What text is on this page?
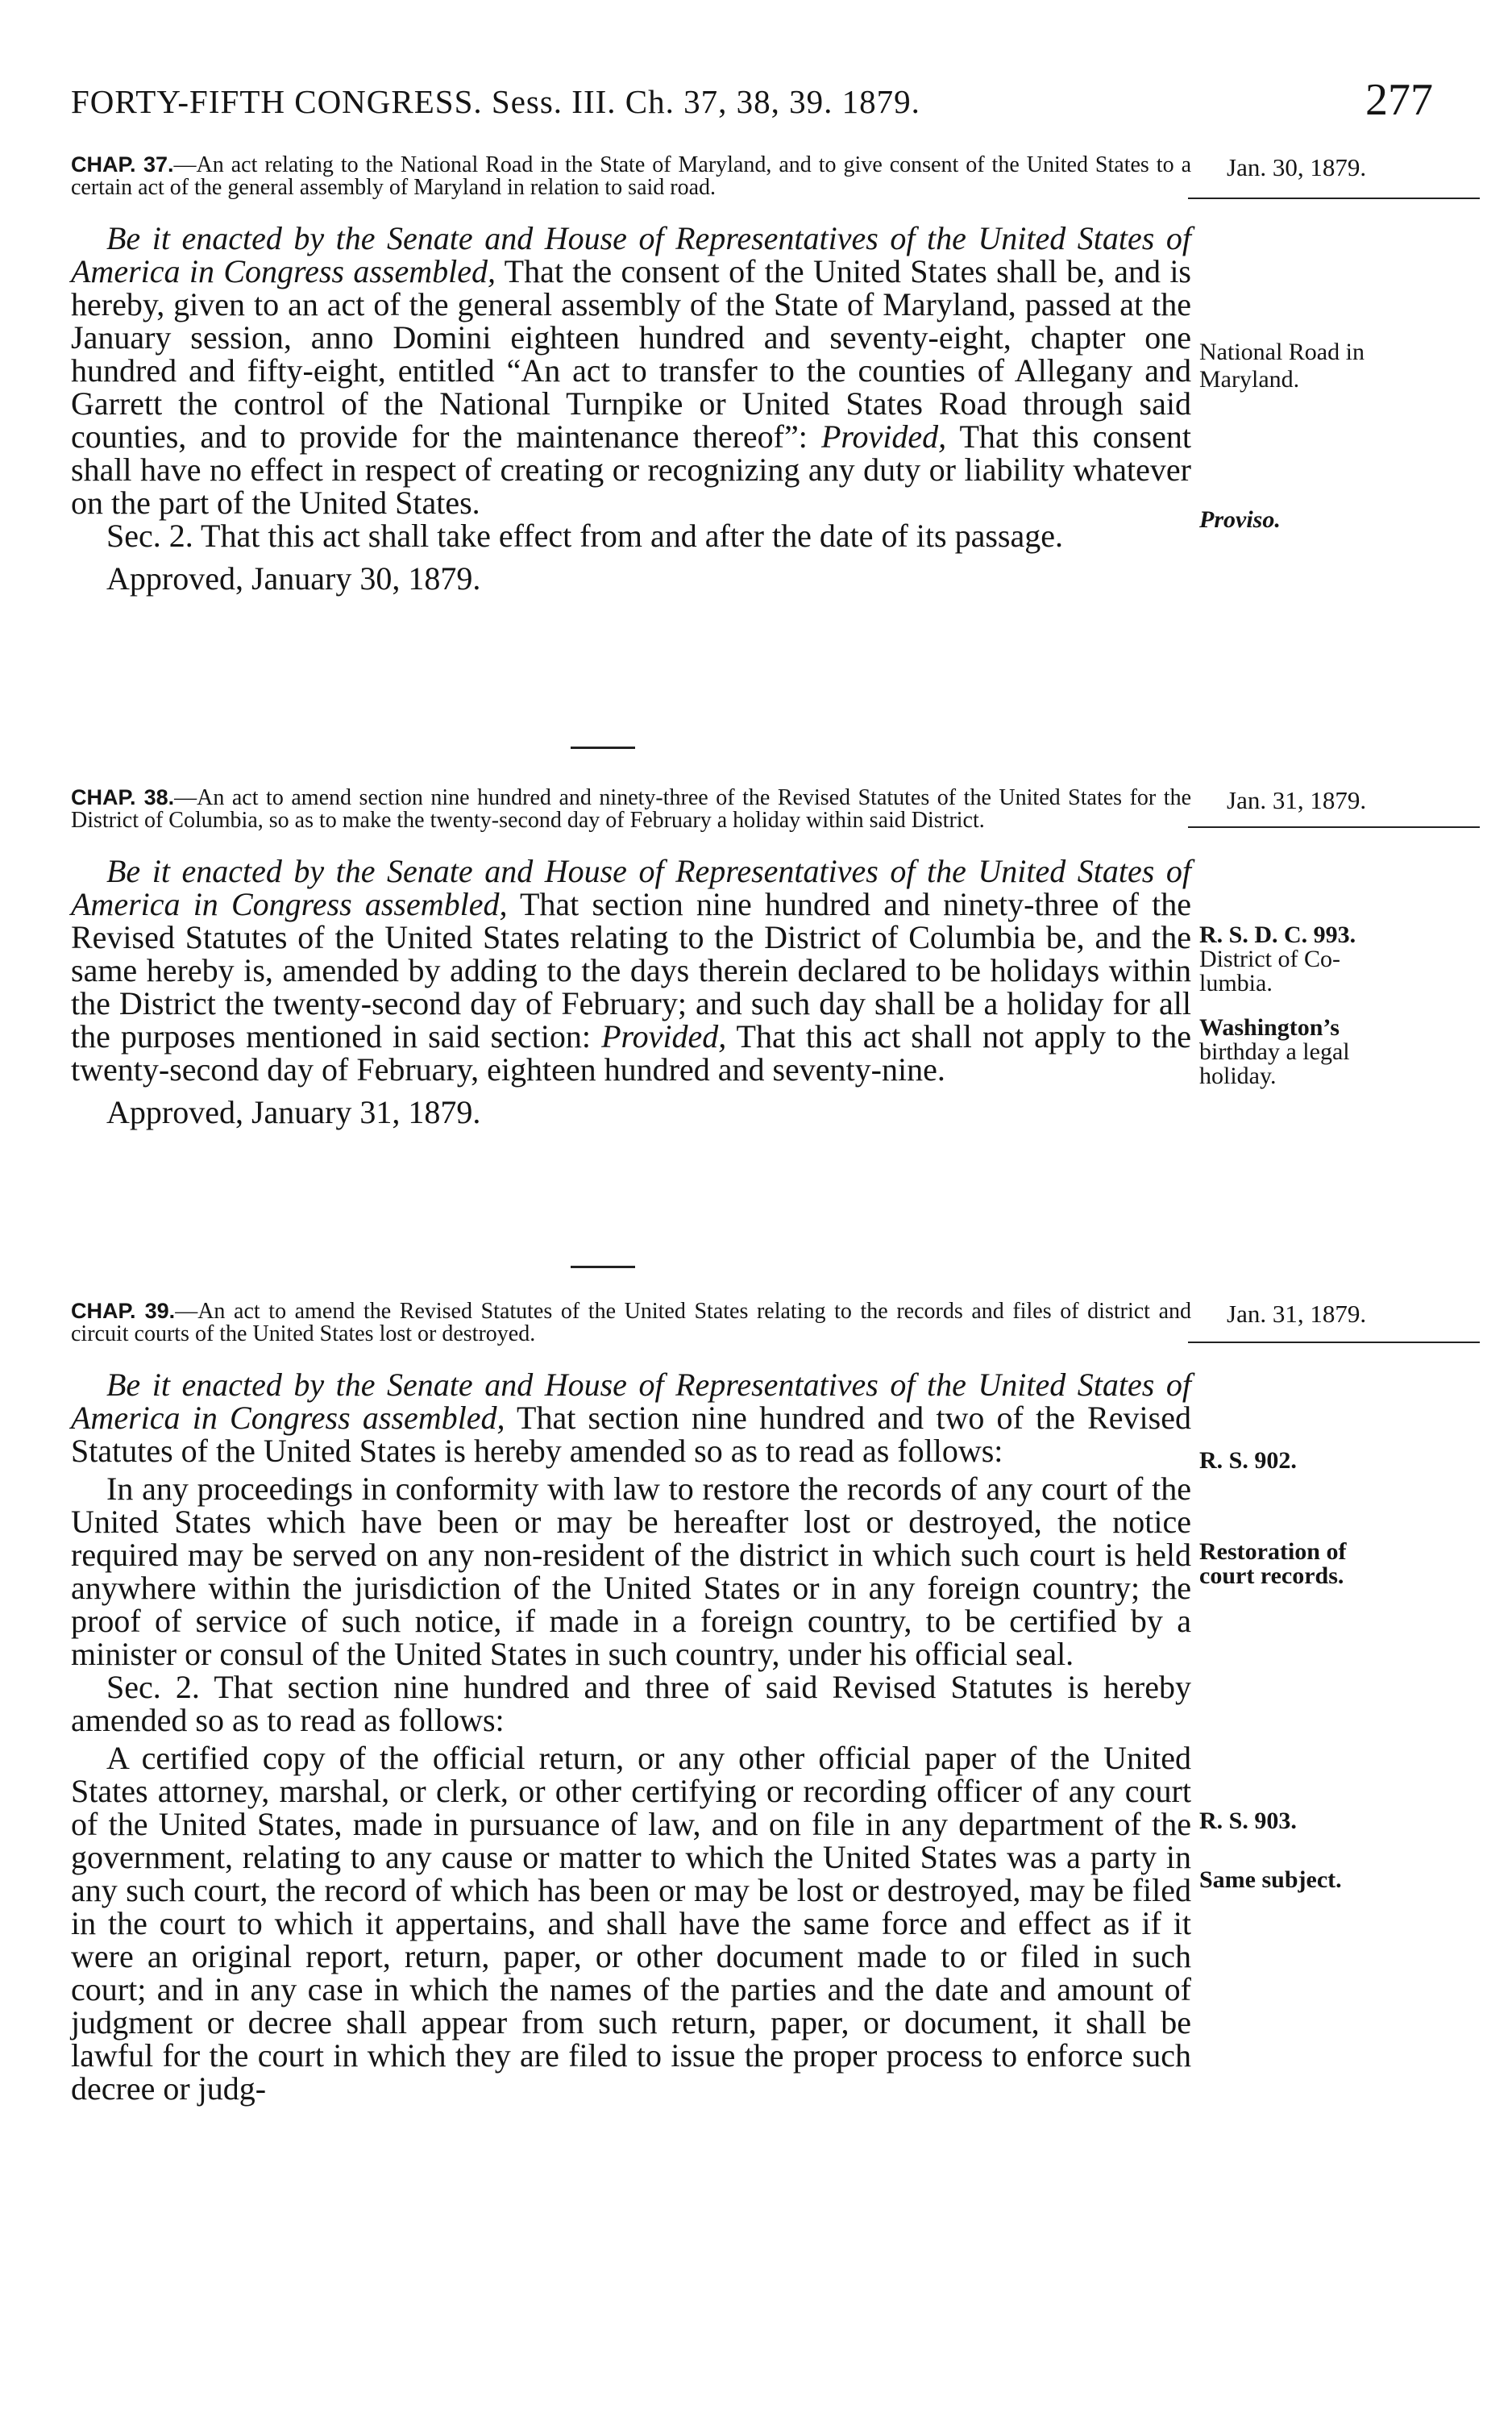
FORTY-FIFTH CONGRESS. Sess. III. Ch. 37, 38, 39. 1879.	277
CHAP. 37.—An act relating to the National Road in the State of Maryland, and to give consent of the United States to a certain act of the general assembly of Maryland in relation to said road.

Be it enacted by the Senate and House of Representatives of the United States of America in Congress assembled, That the consent of the United States shall be, and is hereby, given to an act of the general assembly of the State of Maryland, passed at the January session, anno Domini eighteen hundred and seventy-eight, chapter one hundred and fifty-eight, entitled “An act to transfer to the counties of Allegany and Garrett the control of the National Turnpike or United States Road through said counties, and to provide for the maintenance thereof”: Provided, That this consent shall have no effect in respect of creating or recognizing any duty or liability whatever on the part of the United States.

Sec. 2. That this act shall take effect from and after the date of its passage.

Approved, January 30, 1879.

Jan. 30, 1879.
National Road in
Maryland.
Proviso.
CHAP. 38.—An act to amend section nine hundred and ninety-three of the Revised Statutes of the United States for the District of Columbia, so as to make the twenty-second day of February a holiday within said District.

Be it enacted by the Senate and House of Representatives of the United States of America in Congress assembled, That section nine hundred and ninety-three of the Revised Statutes of the United States relating to the District of Columbia be, and the same hereby is, amended by adding to the days therein declared to be holidays within the District the twenty-second day of February; and such day shall be a holiday for all the purposes mentioned in said section: Provided, That this act shall not apply to the twenty-second day of February, eighteen hundred and seventy-nine.

Approved, January 31, 1879.

Jan. 31, 1879.
R. S. D. C. 993.
District of Co-
lumbia.
Washington’s
birthday a legal
holiday.
CHAP. 39.—An act to amend the Revised Statutes of the United States relating to the records and files of district and circuit courts of the United States lost or destroyed.

Be it enacted by the Senate and House of Representatives of the United States of America in Congress assembled, That section nine hundred and two of the Revised Statutes of the United States is hereby amended so as to read as follows:

In any proceedings in conformity with law to restore the records of any court of the United States which have been or may be hereafter lost or destroyed, the notice required may be served on any non-resident of the district in which such court is held anywhere within the jurisdiction of the United States or in any foreign country; the proof of service of such notice, if made in a foreign country, to be certified by a minister or consul of the United States in such country, under his official seal.

Sec. 2. That section nine hundred and three of said Revised Statutes is hereby amended so as to read as follows:

A certified copy of the official return, or any other official paper of the United States attorney, marshal, or clerk, or other certifying or recording officer of any court of the United States, made in pursuance of law, and on file in any department of the government, relating to any cause or matter to which the United States was a party in any such court, the record of which has been or may be lost or destroyed, may be filed in the court to which it appertains, and shall have the same force and effect as if it were an original report, return, paper, or other document made to or filed in such court; and in any case in which the names of the parties and the date and amount of judgment or decree shall appear from such return, paper, or document, it shall be lawful for the court in which they are filed to issue the proper process to enforce such decree or judg-

Jan. 31, 1879.
R. S. 902.
Restoration of
court records.
R. S. 903.
Same subject.
